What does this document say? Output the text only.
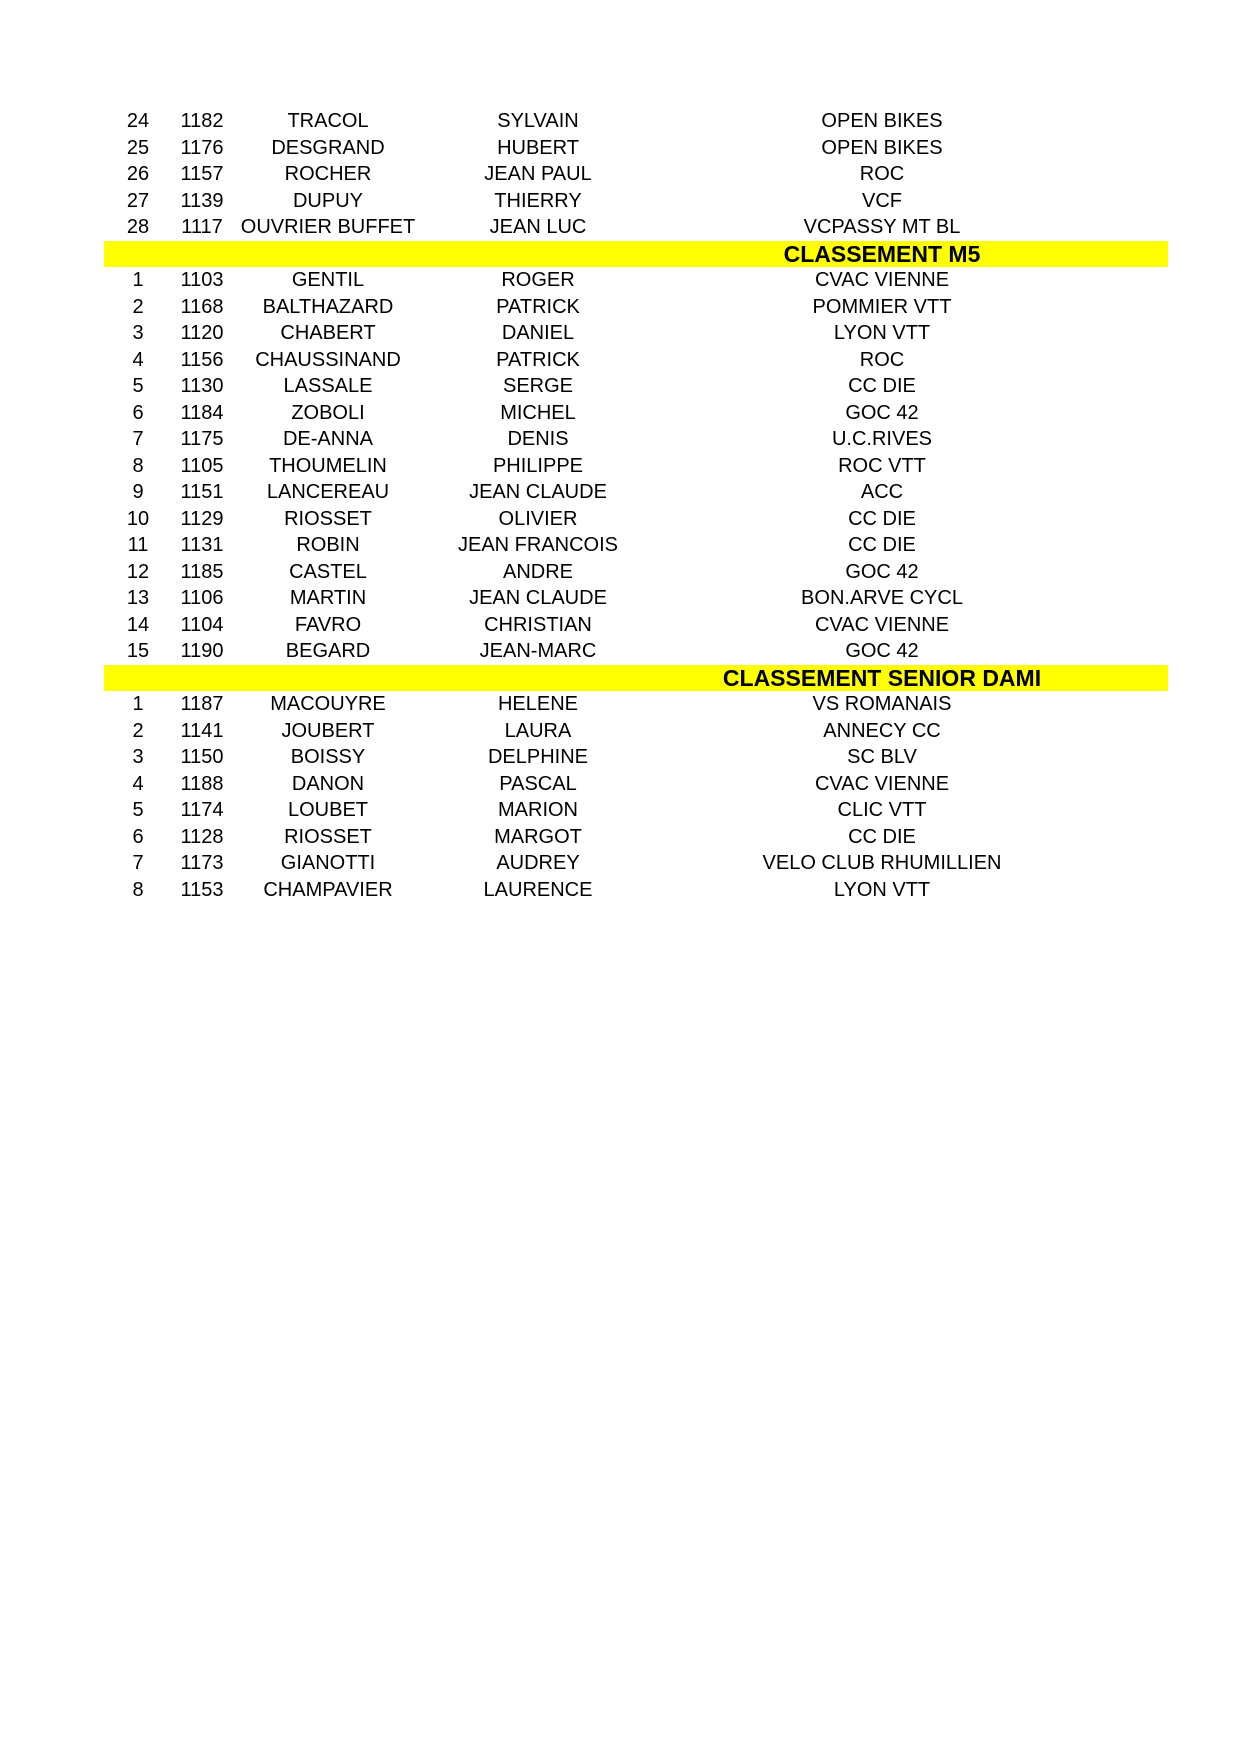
24	1182	TRACOL	SYLVAIN	OPEN BIKES
25	1176	DESGRAND	HUBERT	OPEN BIKES
26	1157	ROCHER	JEAN PAUL	ROC
27	1139	DUPUY	THIERRY	VCF
28	1117 OUVRIER BUFFET	JEAN LUC	VCPASSY MT BL
CLASSEMENT M5
1	1103	GENTIL	ROGER	CVAC VIENNE
2	1168	BALTHAZARD	PATRICK	POMMIER VTT
3	1120	CHABERT	DANIEL	LYON VTT
4	1156	CHAUSSINAND	PATRICK	ROC
5	1130	LASSALE	SERGE	CC DIE
6	1184	ZOBOLI	MICHEL	GOC 42
7	1175	DE-ANNA	DENIS	U.C.RIVES
8	1105	THOUMELIN	PHILIPPE	ROC VTT
9	1151	LANCEREAU	JEAN CLAUDE	ACC
10	1129	RIOSSET	OLIVIER	CC DIE
11	1131	ROBIN	JEAN FRANCOIS	CC DIE
12	1185	CASTEL	ANDRE	GOC 42
13	1106	MARTIN	JEAN CLAUDE	BON.ARVE CYCL
14	1104	FAVRO	CHRISTIAN	CVAC VIENNE
15	1190	BEGARD	JEAN-MARC	GOC 42
CLASSEMENT SENIOR DAMI
1	1187	MACOUYRE	HELENE	VS ROMANAIS
2	1141	JOUBERT	LAURA	ANNECY CC
3	1150	BOISSY	DELPHINE	SC BLV
4	1188	DANON	PASCAL	CVAC VIENNE
5	1174	LOUBET	MARION	CLIC VTT
6	1128	RIOSSET	MARGOT	CC DIE
7	1173	GIANOTTI	AUDREY	VELO CLUB RHUMILLIEN
8	1153	CHAMPAVIER	LAURENCE	LYON VTT
